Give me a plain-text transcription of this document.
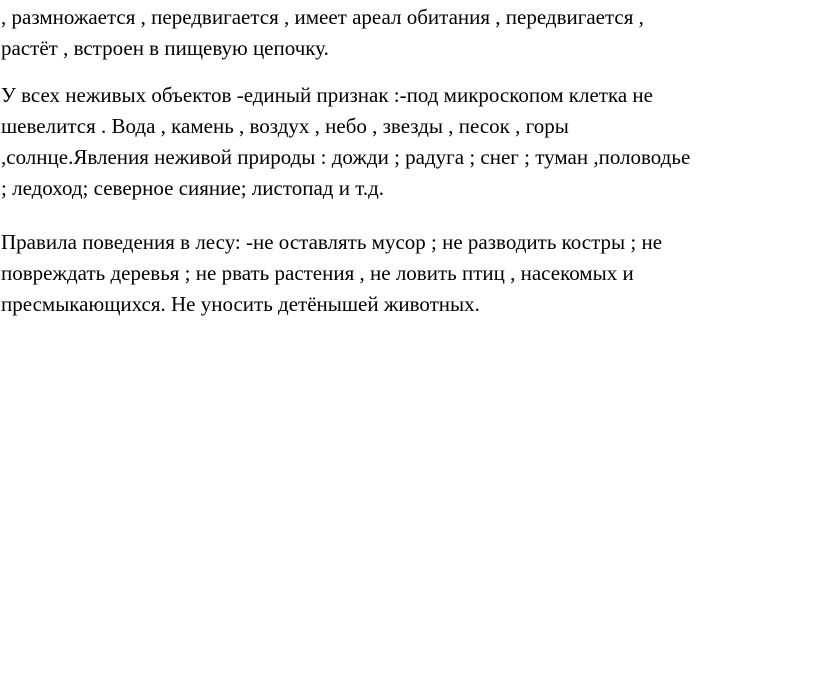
, размножается , передвигается , имеет ареал обитания , передвигается ,
растёт , встроен в пищевую цепочку.

У всех неживых объектов -единый признак :-под микроскопом клетка не
шевелится . Вода , камень , воздух , небо , звезды , песок , горы
,солнце.Явления неживой природы : дожди ; радуга ; снег ; туман ,половодье
; ледоход; северное сияние; листопад и т.д.

Правила поведения в лесу: -не оставлять мусор ; не разводить костры ; не
повреждать деревья ; не рвать растения , не ловить птиц , насекомых и
пресмыкающихся. Не уносить детёнышей животных.
